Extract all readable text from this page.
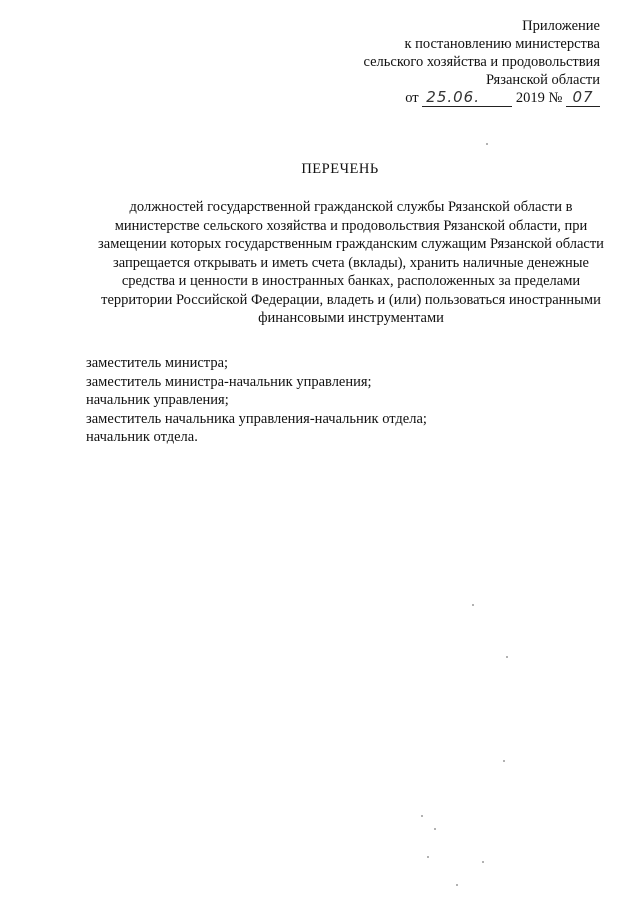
Приложение
к постановлению министерства
сельского хозяйства и продовольствия
Рязанской области
от 25.06. 2019 № 07
ПЕРЕЧЕНЬ
должностей государственной гражданской службы Рязанской области в министерстве сельского хозяйства и продовольствия Рязанской области, при замещении которых государственным гражданским служащим Рязанской области запрещается открывать и иметь счета (вклады), хранить наличные денежные средства и ценности в иностранных банках, расположенных за пределами территории Российской Федерации, владеть и (или) пользоваться иностранными финансовыми инструментами
заместитель министра;
заместитель министра-начальник управления;
начальник управления;
заместитель начальника управления-начальник отдела;
начальник отдела.
